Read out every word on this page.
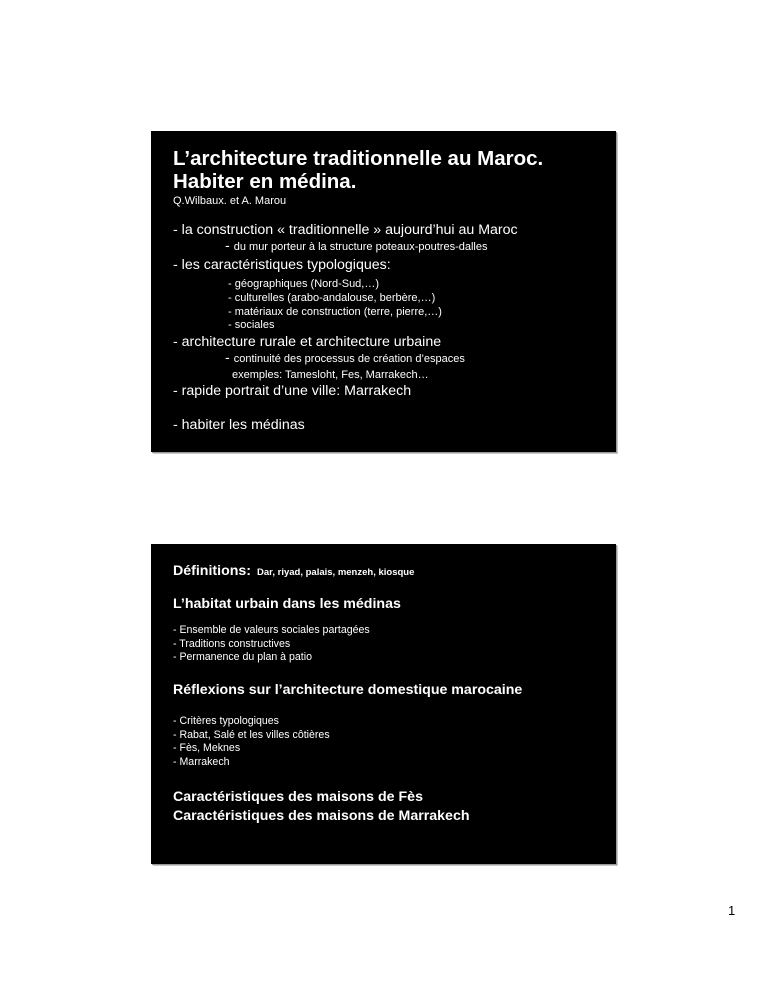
L’architecture traditionnelle au Maroc.
Habiter en médina.
Q.Wilbaux. et A. Marou
- la construction « traditionnelle » aujourd’hui au Maroc
- du mur porteur à la structure poteaux-poutres-dalles
- les caractéristiques typologiques:
- géographiques (Nord-Sud,…)
- culturelles (arabo-andalouse, berbère,…)
- matériaux de construction (terre, pierre,…)
- sociales
- architecture rurale et architecture urbaine
- continuité des processus de création d’espaces
exemples: Tamesloht, Fes, Marrakech…
- rapide portrait d’une ville: Marrakech
- habiter les médinas
Définitions: Dar, riyad, palais, menzeh, kiosque
L’habitat urbain dans les médinas
- Ensemble de valeurs sociales partagées
- Traditions constructives
- Permanence du plan à patio
Réflexions sur l’architecture domestique marocaine
- Critères typologiques
- Rabat, Salé et les villes côtières
- Fès, Meknes
- Marrakech
Caractéristiques des maisons de Fès
Caractéristiques des maisons de Marrakech
1
